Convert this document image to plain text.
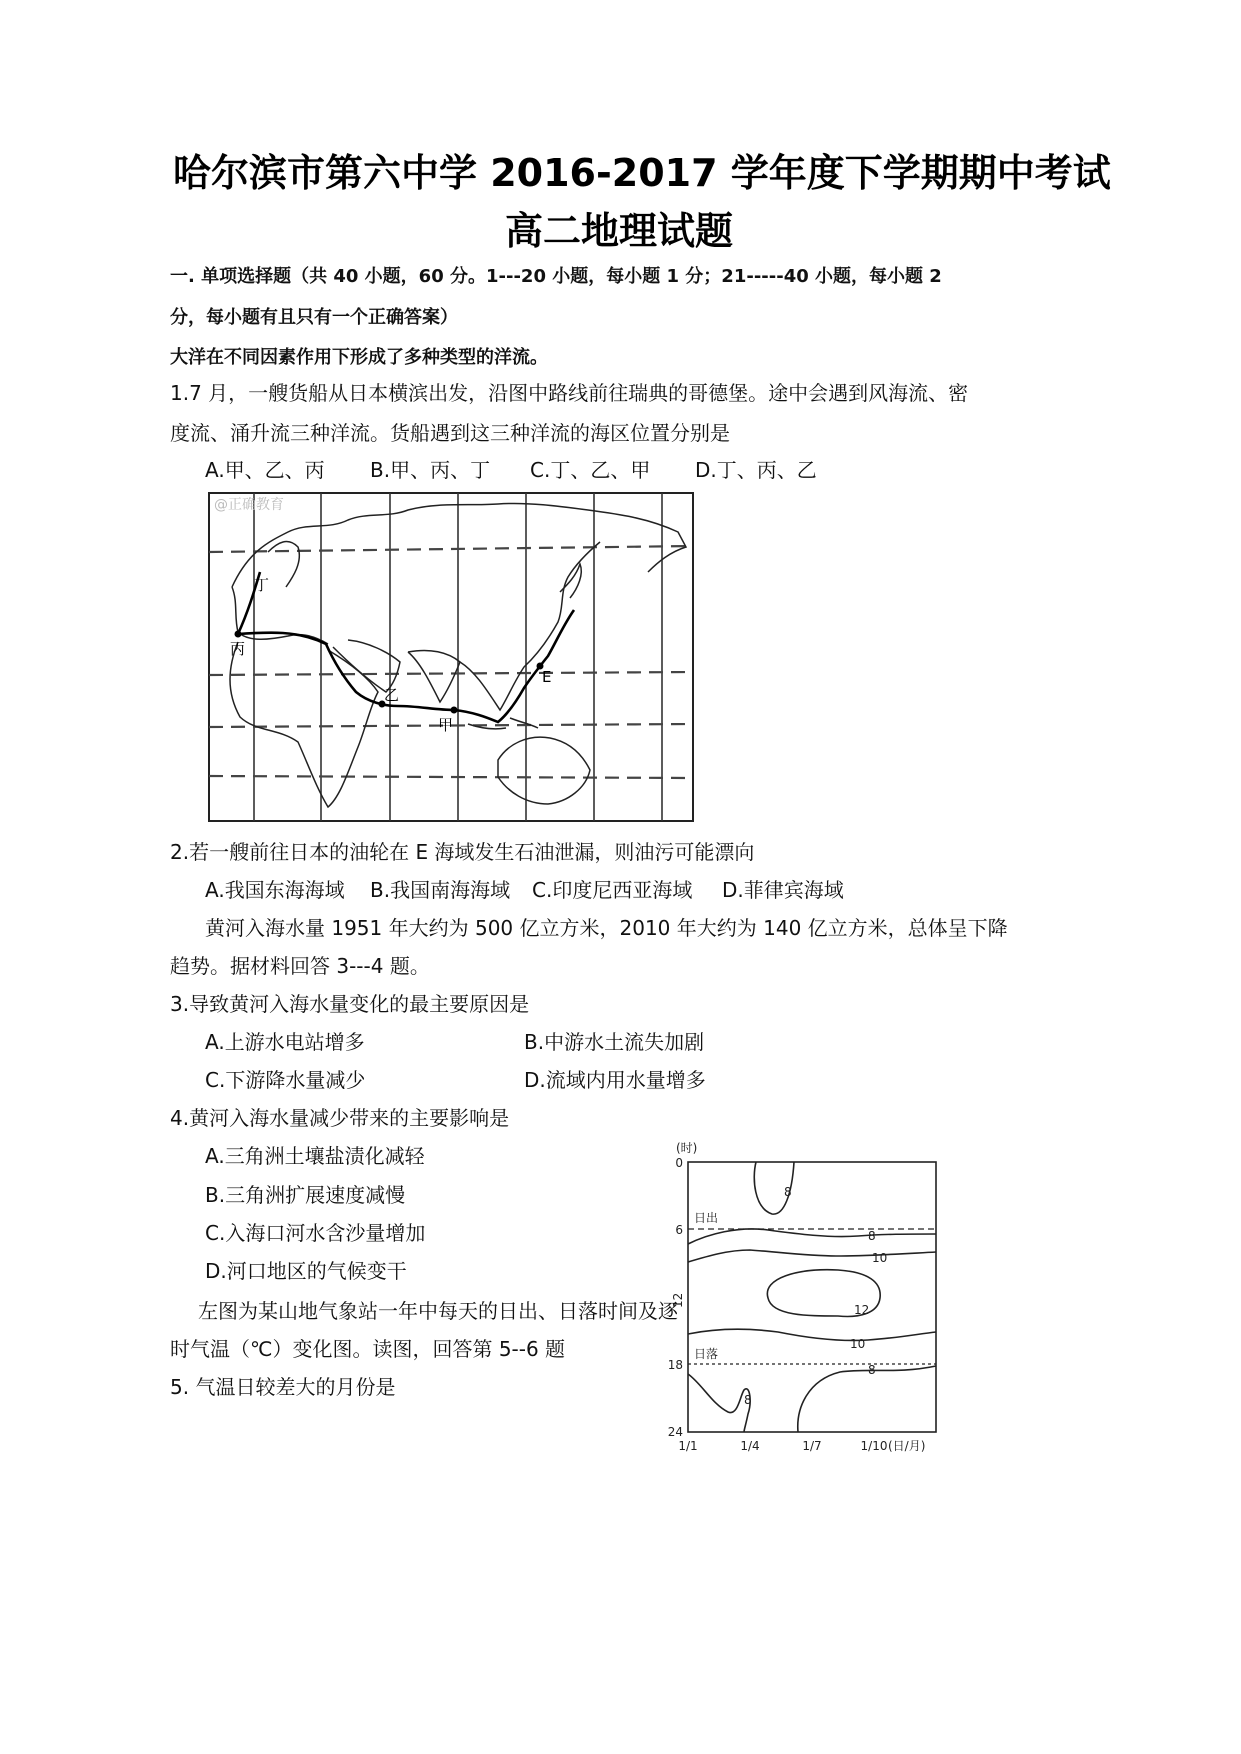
哈尔滨市第六中学 2016-2017 学年度下学期期中考试
高二地理试题
一. 单项选择题（共 40 小题，60 分。1---20 小题，每小题 1 分；21-----40 小题，每小题 2
分，每小题有且只有一个正确答案）
大洋在不同因素作用下形成了多种类型的洋流。
1.7 月，一艘货船从日本横滨出发，沿图中路线前往瑞典的哥德堡。途中会遇到风海流、密
度流、涌升流三种洋流。货船遇到这三种洋流的海区位置分别是
A.甲、乙、丙 B.甲、丙、丁 C.丁、乙、甲 D.丁、丙、乙
@正确教育
丁
丙
乙
甲
E
2.若一艘前往日本的油轮在 E 海域发生石油泄漏，则油污可能漂向
A.我国东海海域 B.我国南海海域 C.印度尼西亚海域 D.菲律宾海域
黄河入海水量 1951 年大约为 500 亿立方米，2010 年大约为 140 亿立方米，总体呈下降
趋势。据材料回答 3---4 题。
3.导致黄河入海水量变化的最主要原因是
A.上游水电站增多	B.中游水土流失加剧
C.下游降水量减少	D.流域内用水量增多
4.黄河入海水量减少带来的主要影响是
A.三角洲土壤盐渍化减轻
B.三角洲扩展速度减慢
C.入海口河水含沙量增加
D.河口地区的气候变干
左图为某山地气象站一年中每天的日出、日落时间及逐
时气温（℃）变化图。读图，回答第 5--6 题
5. 气温日较差大的月份是
(时)
0
6
18
24
12
1/1	1/4	1/7	1/10 (日/月)
日出
日落
8
8
10
12
10
8
8
